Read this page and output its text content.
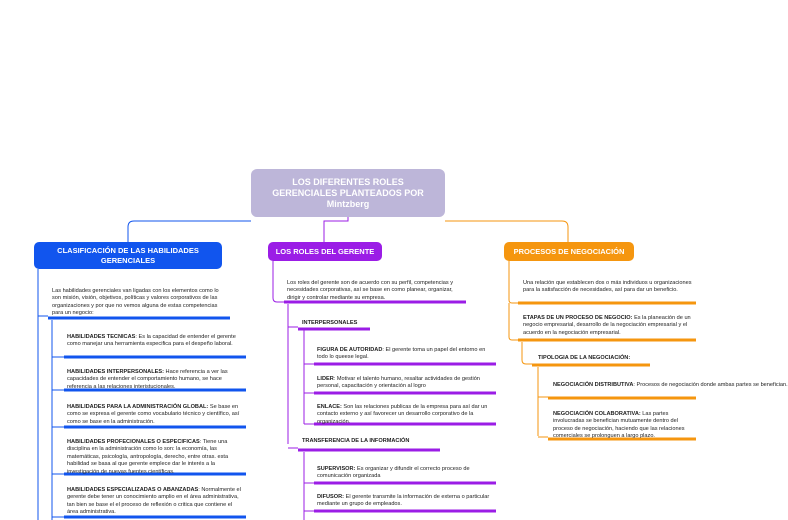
LOS DIFERENTES ROLES GERENCIALES PLANTEADOS POR Mintzberg
CLASIFICACIÓN DE LAS HABILIDADES GERENCIALES
LOS ROLES DEL GERENTE	PROCESOS DE NEGOCIACIÓN
Las habilidades gerenciales van ligadas con los elementos como lo son misión, visión, objetivos, políticas y valores corporativos de las organizaciones y por que no vemos alguna de estas competencias para un negocio:
HABILIDADES TECNICAS: Es la capacidad de entender el gerente como manejar una herramienta especifica para el despeño laboral.
HABILIDADES INTERPERSONALES: Hace referencia a ver las capacidades de entender el comportamiento humano, se hace referencia a las relaciones interistucionales.
HABILIDADES PARA LA ADMINISTRACIÓN GLOBAL: Se base en como se expresa el gerente como vocabulario técnico y científico, así como se base en la administración.
HABILIDADES PROFECIONALES O ESPECIFICAS: Tiene una disciplina en la administración como lo son: la economía, las matemáticas, psicología, antropología, derecho, entre otras. esta habilidad se basa al que gerente emplece dar le interés a la investigación de nuevas fuentes científicas.
HABILIDADES ESPECIALIZADAS O ABANZADAS: Normalmente el gerente debe tener un conocimiento amplio en el área administrativa, tan bien se base el el proceso de reflexión o critica que contiene el área administrativa.
Los roles del gerente son de acuerdo con su perfil, competencias y necesidades corporativas, así se base en como planear, organizar, dirigir y controlar mediante su empresa.
INTERPERSONALES
FIGURA DE AUTORIDAD: El gerente toma un papel del entorno en todo lo queese legal.
LIDER: Motivar el talento humano, resaltar actividades de gestión personal, capacitación y orientación al logro
ENLACE: Son las relaciones publicas de la empresa para así dar un contacto externo y así favorecer un desarrollo corporativo de la organización.
TRANSFERENCIA DE LA INFORMACIÓN
SUPERVISOR: Es organizar y difundir el correcto proceso de comunicación organizada
DIFUSOR: El gerente transmite la información de externa o particular mediante un grupo de empleados.
Una relación que establecen dos o más individuos u organizaciones para la satisfacción de necesidades, así para dar un beneficio.
ETAPAS DE UN PROCESO DE NEGOCIO: Es la planeación de un negocio empresarial, desarrollo de la negociación empresarial y el acuerdo en la negociación empresarial.
TIPOLOGIA DE LA NEGOCIACIÓN:
NEGOCIACIÓN DISTRIBUTIVA: Procesos de negociación donde ambas partes se benefician.
NEGOCIACIÓN COLABORATIVA: Las partes involucradas se benefician mutuamente dentro del proceso de negociación, haciendo que las relaciones comerciales se prolonguen a largo plazo.
